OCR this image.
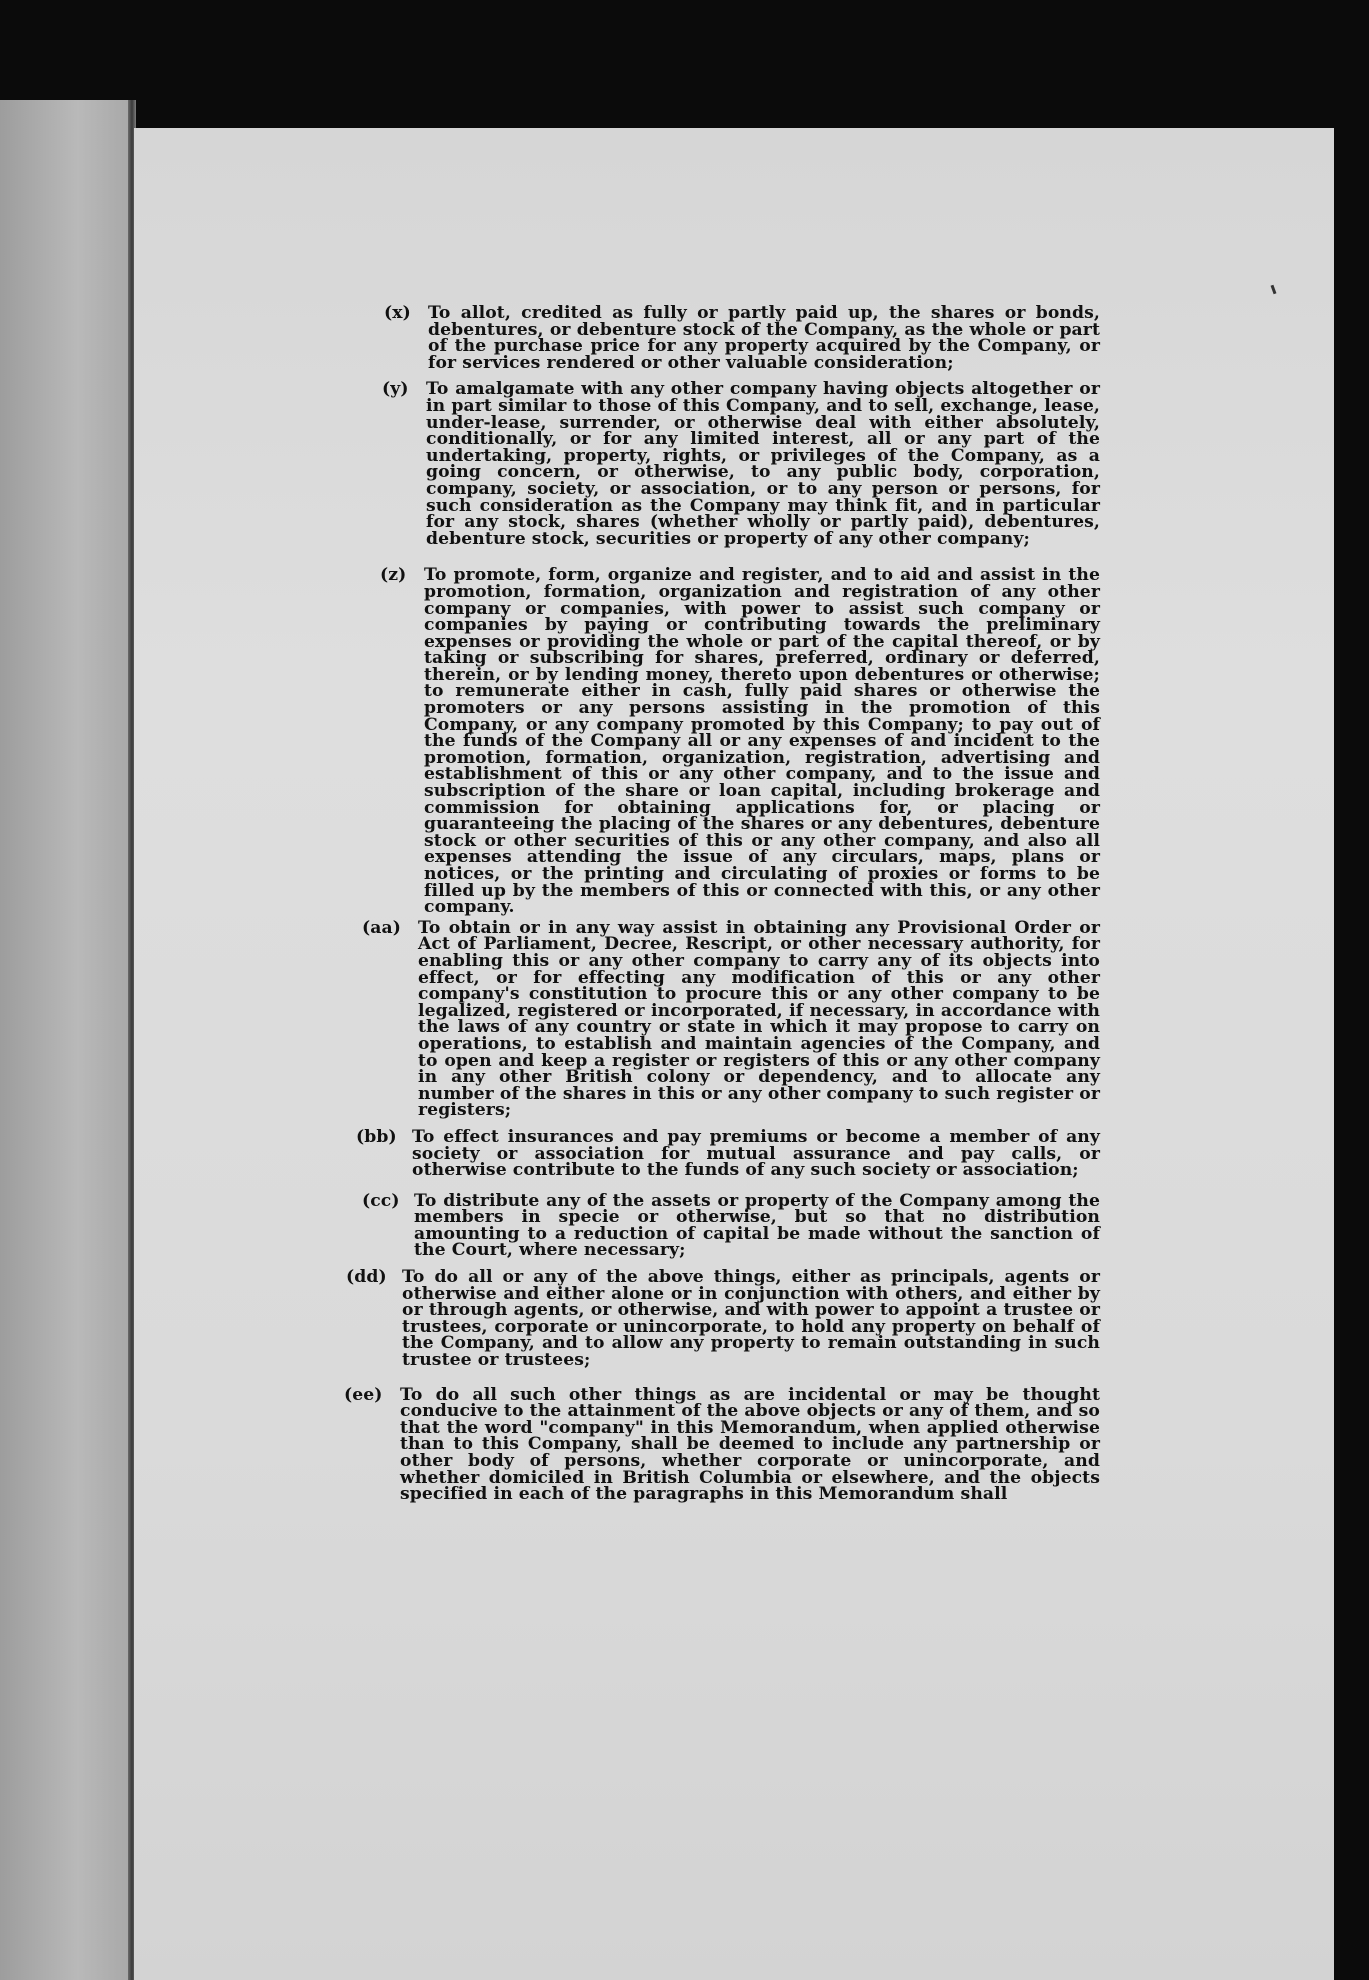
(x) To allot, credited as fully or partly paid up, the shares or bonds, debentures, or debenture stock of the Company, as the whole or part of the purchase price for any property acquired by the Company, or for services rendered or other valuable consideration;
(y)	To amalgamate with any other company having objects altogether or in part similar to those of this Company, and to sell, exchange, lease, under-lease, surrender, or otherwise deal with either absolutely, conditionally, or for any limited interest, all or any part of the undertaking, property, rights, or privileges of the Company, as a going concern, or otherwise, to any public body, corporation, company, society, or association, or to any person or persons, for such consideration as the Company may think fit, and in particular for any stock, shares (whether wholly or partly paid), debentures, debenture stock, securities or property of any other company;
(z)	To promote, form, organize and register, and to aid and assist in the promotion, formation, organization and registration of any other company or companies, with power to assist such company or companies by paying or contributing towards the preliminary expenses or providing the whole or part of the capital thereof, or by taking or subscribing for shares, preferred, ordinary or deferred, therein, or by lending money, thereto upon debentures or otherwise; to remunerate either in cash, fully paid shares or otherwise the promoters or any persons assisting in the promotion of this Company, or any company promoted by this Company; to pay out of the funds of the Company all or any expenses of and incident to the promotion, formation, organization, registration, advertising and establishment of this or any other company, and to the issue and subscription of the share or loan capital, including brokerage and commission for obtaining applications for, or placing or guaranteeing the placing of the shares or any debentures, debenture stock or other securities of this or any other company, and also all expenses attending the issue of any circulars, maps, plans or notices, or the printing and circulating of proxies or forms to be filled up by the members of this or connected with this, or any other company.
(aa) To obtain or in any way assist in obtaining any Provisional Order or Act of Parliament, Decree, Rescript, or other necessary authority, for enabling this or any other company to carry any of its objects into effect, or for effecting any modification of this or any other company's constitution to procure this or any other company to be legalized, registered or incorporated, if necessary, in accordance with the laws of any country or state in which it may propose to carry on operations, to establish and maintain agencies of the Company, and to open and keep a register or registers of this or any other company in any other British colony or dependency, and to allocate any number of the shares in this or any other company to such register or registers;
(bb) To effect insurances and pay premiums or become a member of any society or association for mutual assurance and pay calls, or otherwise contribute to the funds of any such society or association;
(cc) To distribute any of the assets or property of the Company among the members in specie or otherwise, but so that no distribution amounting to a reduction of capital be made without the sanction of the Court, where necessary;
(dd) To do all or any of the above things, either as principals, agents or otherwise and either alone or in conjunction with others, and either by or through agents, or otherwise, and with power to appoint a trustee or trustees, corporate or unincorporate, to hold any property on behalf of the Company, and to allow any property to remain outstanding in such trustee or trustees;
(ee)	To do all such other things as are incidental or may be thought conducive to the attainment of the above objects or any of them, and so that the word "company" in this Memorandum, when applied otherwise than to this Company, shall be deemed to include any partnership or other body of persons, whether corporate or unincorporate, and whether domiciled in British Columbia or elsewhere, and the objects specified in each of the paragraphs in this Memorandum shall
